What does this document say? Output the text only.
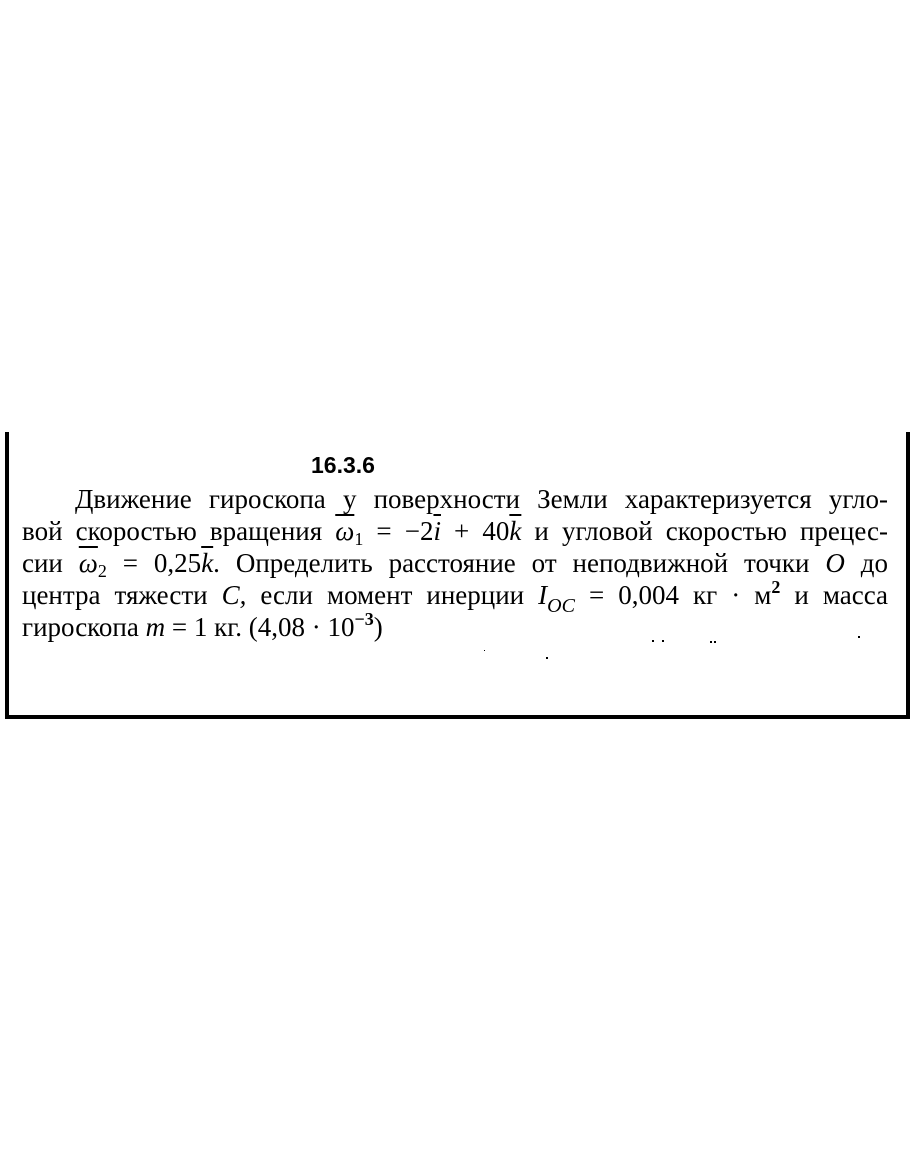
16.3.6
Движение гироскопа у поверхности Земли характеризуется угло-
вой скоростью вращения $\overline{\omega}_1 = -2\overline{i} + 40\overline{k}$ и угловой скоростью прецес-
сии $\overline{\omega}_2 = 0,25\overline{k}$. Определить расстояние от неподвижной точки O до
центра тяжести C, если момент инерции $I_{OC} = 0,004$ кг · $м^2$ и масса
гироскопа m = 1 кг. $(4,08 \cdot 10^{-3})$
